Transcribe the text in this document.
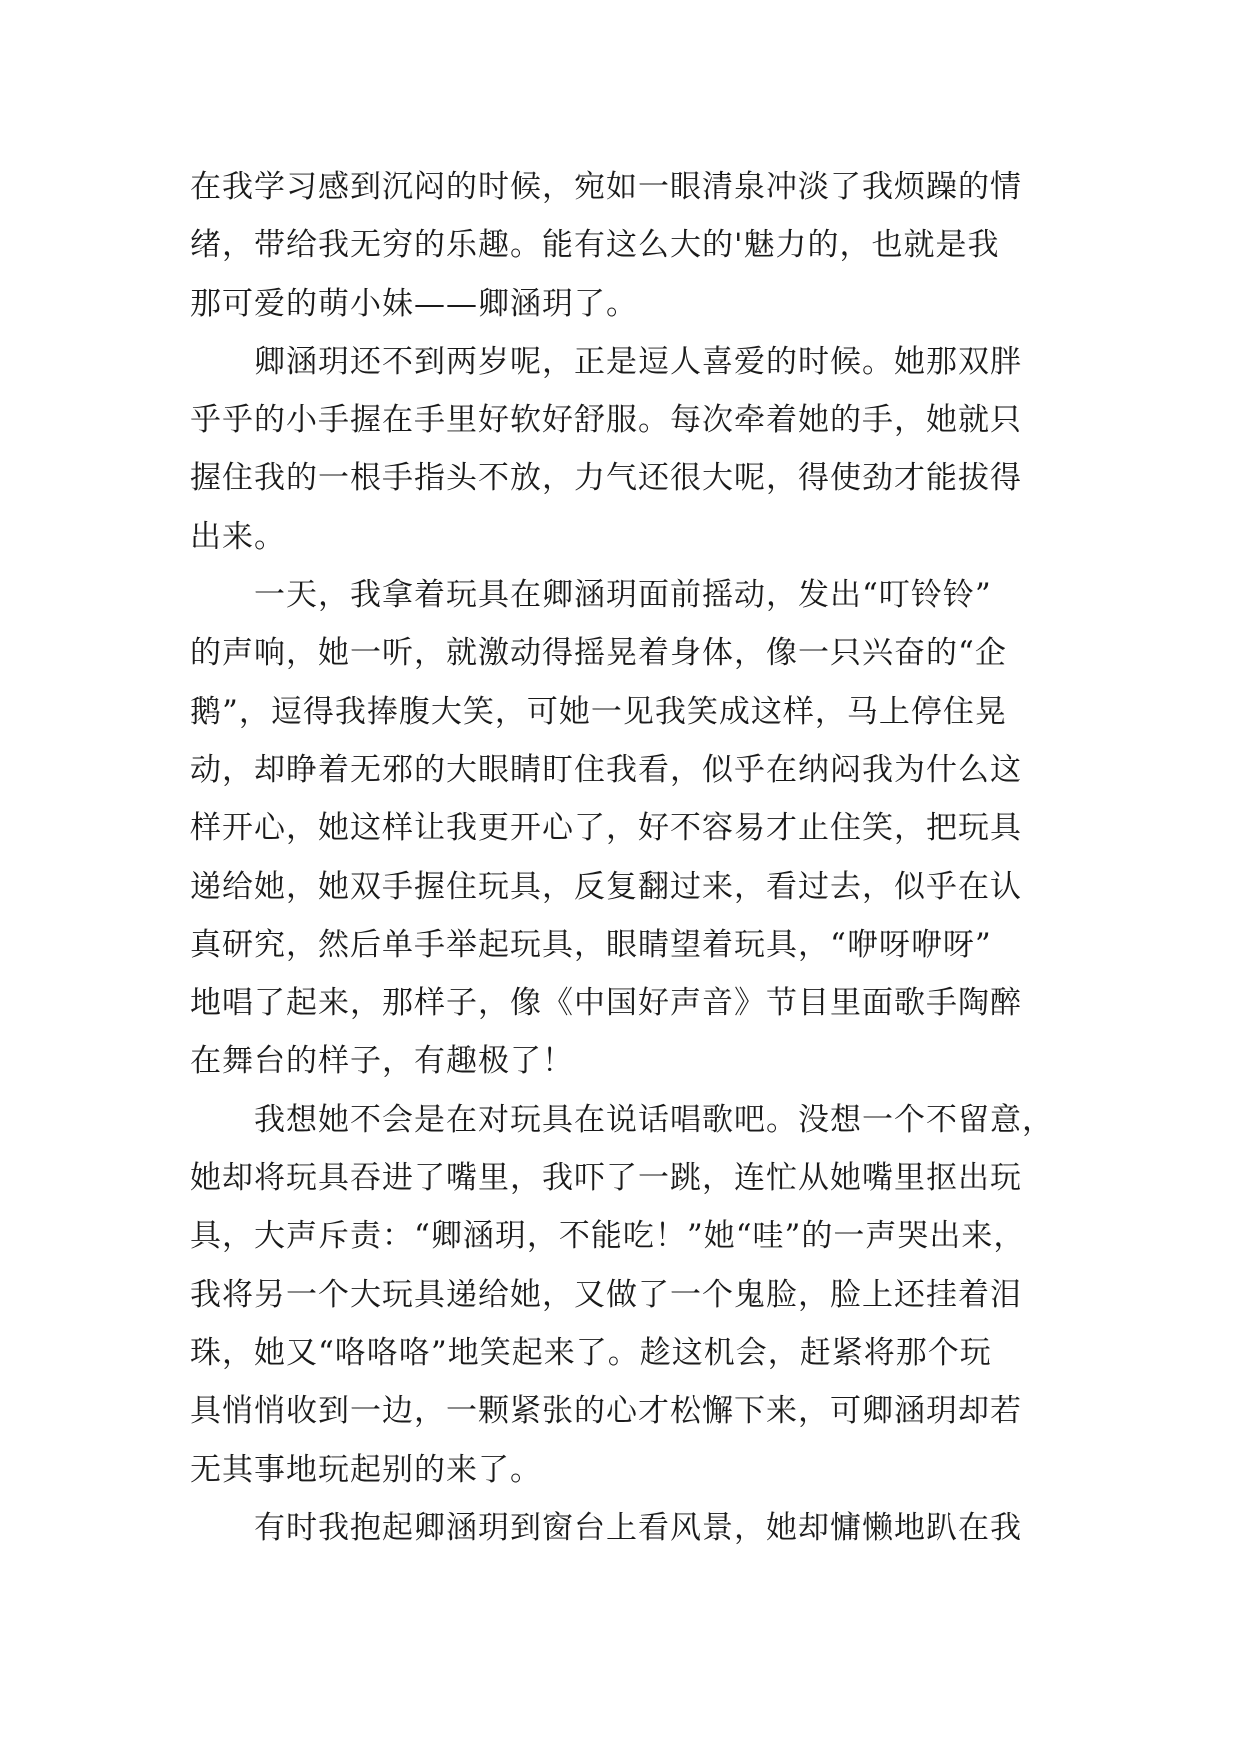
在我学习感到沉闷的时候，宛如一眼清泉冲淡了我烦躁的情
绪，带给我无穷的乐趣。能有这么大的'魅力的，也就是我
那可爱的萌小妹——卿涵玥了。
卿涵玥还不到两岁呢，正是逗人喜爱的时候。她那双胖
乎乎的小手握在手里好软好舒服。每次牵着她的手，她就只
握住我的一根手指头不放，力气还很大呢，得使劲才能拔得
出来。
一天，我拿着玩具在卿涵玥面前摇动，发出“叮铃铃”
的声响，她一听，就激动得摇晃着身体，像一只兴奋的“企
鹅”，逗得我捧腹大笑，可她一见我笑成这样，马上停住晃
动，却睁着无邪的大眼睛盯住我看，似乎在纳闷我为什么这
样开心，她这样让我更开心了，好不容易才止住笑，把玩具
递给她，她双手握住玩具，反复翻过来，看过去，似乎在认
真研究，然后单手举起玩具，眼睛望着玩具，“咿呀咿呀”
地唱了起来，那样子，像《中国好声音》节目里面歌手陶醉
在舞台的样子，有趣极了！
我想她不会是在对玩具在说话唱歌吧。没想一个不留意，
她却将玩具吞进了嘴里，我吓了一跳，连忙从她嘴里抠出玩
具，大声斥责：“卿涵玥，不能吃！”她“哇”的一声哭出来，
我将另一个大玩具递给她，又做了一个鬼脸，脸上还挂着泪
珠，她又“咯咯咯”地笑起来了。趁这机会，赶紧将那个玩
具悄悄收到一边，一颗紧张的心才松懈下来，可卿涵玥却若
无其事地玩起别的来了。
有时我抱起卿涵玥到窗台上看风景，她却慵懒地趴在我
